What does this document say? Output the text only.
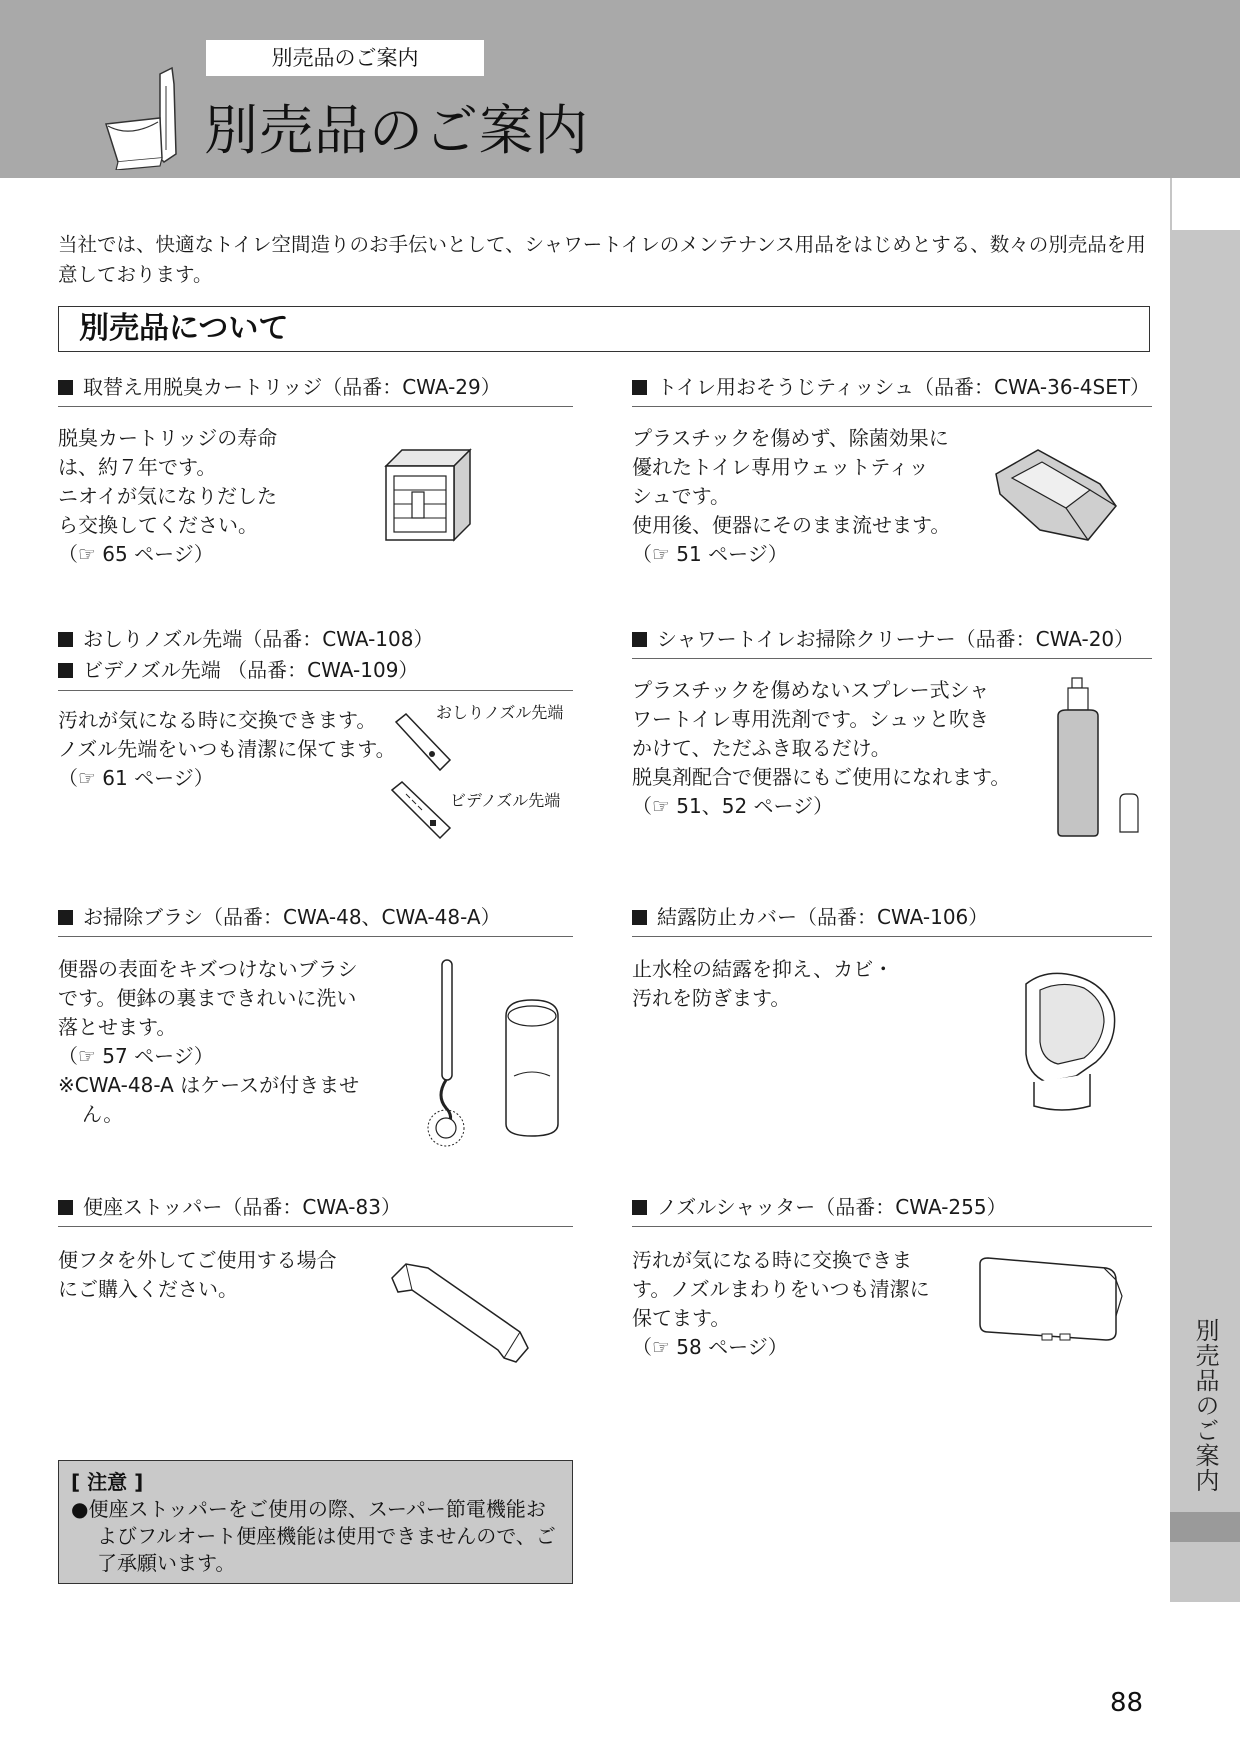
別売品のご案内
別売品のご案内
別売品のご案内
当社では、快適なトイレ空間造りのお手伝いとして、シャワートイレのメンテナンス用品をはじめとする、数々の別売品を用意しております。
別売品について
取替え用脱臭カートリッジ（品番：CWA-29）

脱臭カートリッジの寿命

は、約７年です。

ニオイが気になりだした

ら交換してください。

（☞ 65 ページ）

トイレ用おそうじティッシュ（品番：CWA-36-4SET）

プラスチックを傷めず、除菌効果に

優れたトイレ専用ウェットティッ

シュです。

使用後、便器にそのまま流せます。

（☞ 51 ページ）

おしりノズル先端（品番：CWA-108）
ビデノズル先端 （品番：CWA-109）

汚れが気になる時に交換できます。

ノズル先端をいつも清潔に保てます。

（☞ 61 ページ）

おしりノズル先端
ビデノズル先端
シャワートイレお掃除クリーナー（品番：CWA-20）

プラスチックを傷めないスプレー式シャ

ワートイレ専用洗剤です。シュッと吹き

かけて、ただふき取るだけ。

脱臭剤配合で便器にもご使用になれます。

（☞ 51、52 ページ）

お掃除ブラシ（品番：CWA-48、CWA-48-A）

便器の表面をキズつけないブラシ

です。便鉢の裏まできれいに洗い

落とせます。

（☞ 57 ページ）

※CWA-48-A はケースが付きません。

結露防止カバー（品番：CWA-106）

止水栓の結露を抑え、カビ・

汚れを防ぎます。

便座ストッパー（品番：CWA-83）

便フタを外してご使用する場合

にご購入ください。

ノズルシャッター（品番：CWA-255）

汚れが気になる時に交換できま

す。ノズルまわりをいつも清潔に

保てます。

（☞ 58 ページ）

[ 注意 ]
●便座ストッパーをご使用の際、スーパー節電機能およびフルオート便座機能は使用できませんので、ご了承願います。
88
